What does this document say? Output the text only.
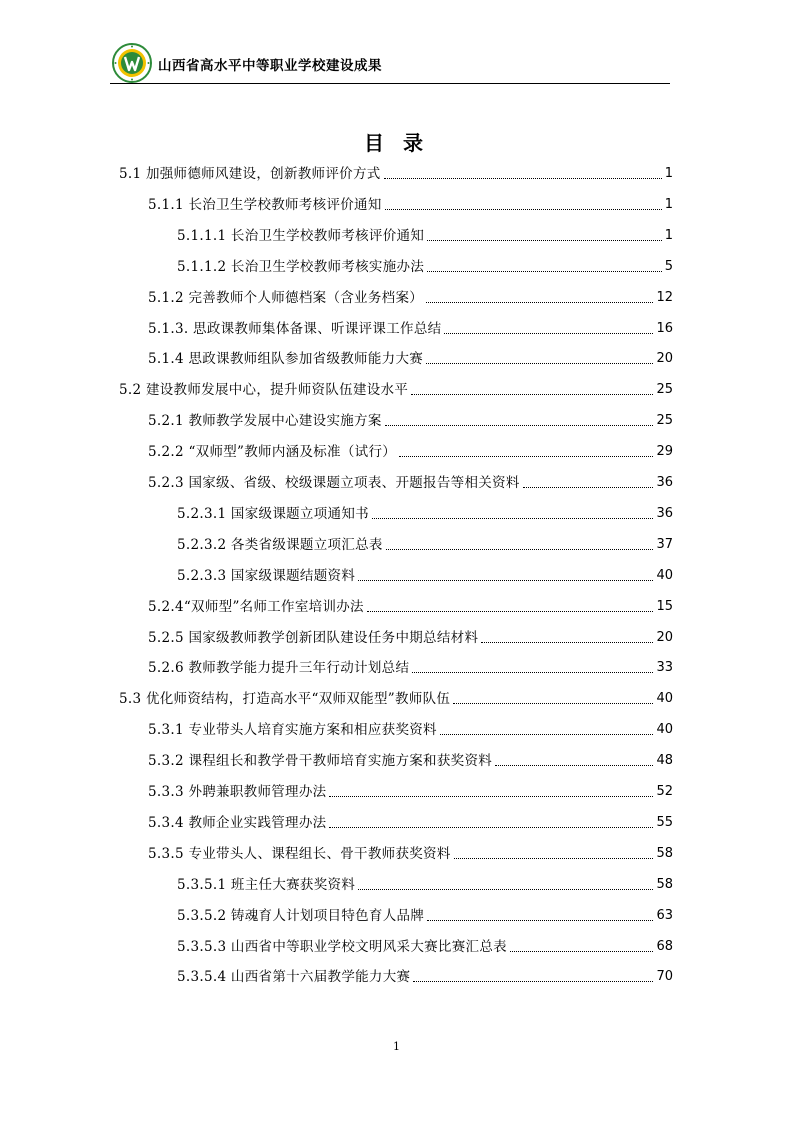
山西省高水平中等职业学校建设成果
目 录
5.1 加强师德师风建设，创新教师评价方式	1
5.1.1 长治卫生学校教师考核评价通知	1
5.1.1.1 长治卫生学校教师考核评价通知	1
5.1.1.2 长治卫生学校教师考核实施办法	5
5.1.2 完善教师个人师德档案（含业务档案）	12
5.1.3. 思政课教师集体备课、听课评课工作总结	16
5.1.4 思政课教师组队参加省级教师能力大赛	20
5.2 建设教师发展中心，提升师资队伍建设水平	25
5.2.1 教师教学发展中心建设实施方案	25
5.2.2 “双师型”教师内涵及标准（试行）	29
5.2.3 国家级、省级、校级课题立项表、开题报告等相关资料	36
5.2.3.1 国家级课题立项通知书	36
5.2.3.2 各类省级课题立项汇总表	37
5.2.3.3 国家级课题结题资料	40
5.2.4“双师型”名师工作室培训办法	15
5.2.5 国家级教师教学创新团队建设任务中期总结材料	20
5.2.6 教师教学能力提升三年行动计划总结	33
5.3 优化师资结构，打造高水平“双师双能型”教师队伍	40
5.3.1 专业带头人培育实施方案和相应获奖资料	40
5.3.2 课程组长和教学骨干教师培育实施方案和获奖资料	48
5.3.3 外聘兼职教师管理办法	52
5.3.4 教师企业实践管理办法	55
5.3.5 专业带头人、课程组长、骨干教师获奖资料	58
5.3.5.1 班主任大赛获奖资料	58
5.3.5.2 铸魂育人计划项目特色育人品牌	63
5.3.5.3 山西省中等职业学校文明风采大赛比赛汇总表	68
5.3.5.4 山西省第十六届教学能力大赛	70
1
